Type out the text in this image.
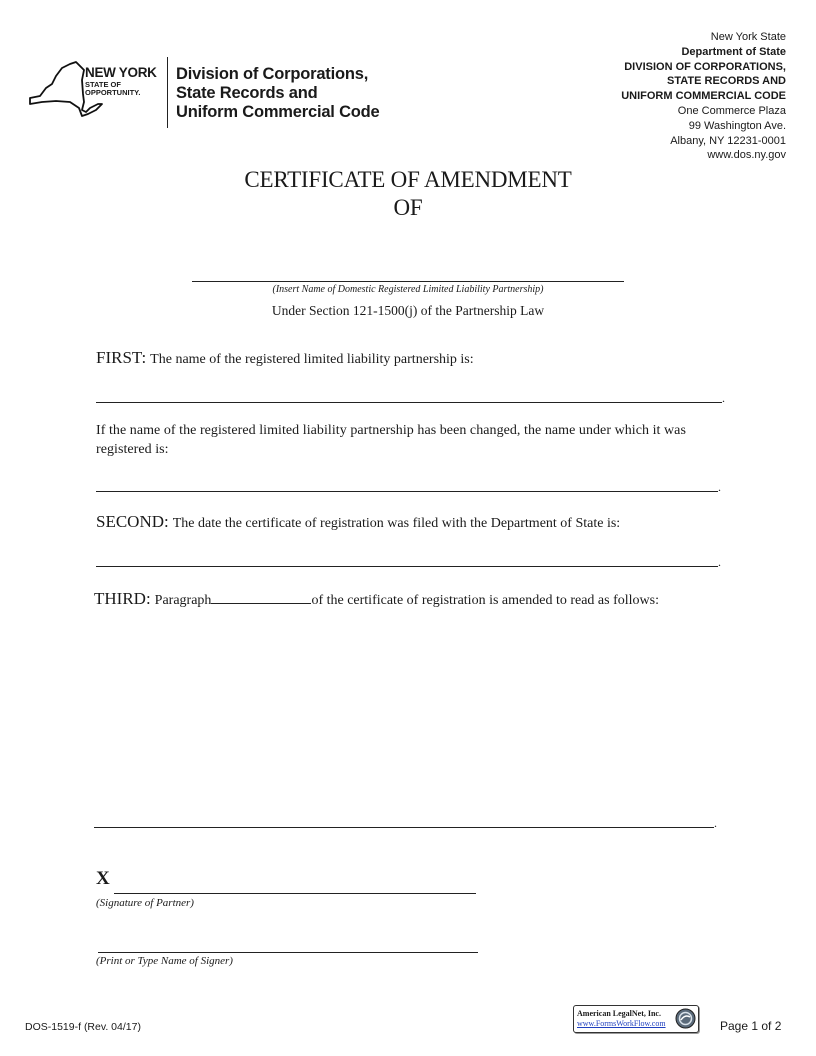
NEW YORK
STATE OF OPPORTUNITY.
Division of Corporations,
State Records and
Uniform Commercial Code
New York State
Department of State
DIVISION OF CORPORATIONS,
STATE RECORDS AND
UNIFORM COMMERCIAL CODE
One Commerce Plaza
99 Washington Ave.
Albany, NY 12231-0001
www.dos.ny.gov
CERTIFICATE OF AMENDMENT
OF
(Insert Name of Domestic Registered Limited Liability Partnership)
Under Section 121-1500(j) of the Partnership Law
FIRST: The name of the registered limited liability partnership is:
.
If the name of the registered limited liability partnership has been changed, the name under which it was registered is:
.
SECOND: The date the certificate of registration was filed with the Department of State is:
.
THIRD: Paragraph	of the certificate of registration is amended to read as follows:
.
X
(Signature of Partner)
(Print or Type Name of Signer)
DOS-1519-f (Rev. 04/17)
American LegalNet, Inc.
www.FormsWorkFlow.com	Page 1 of 2
